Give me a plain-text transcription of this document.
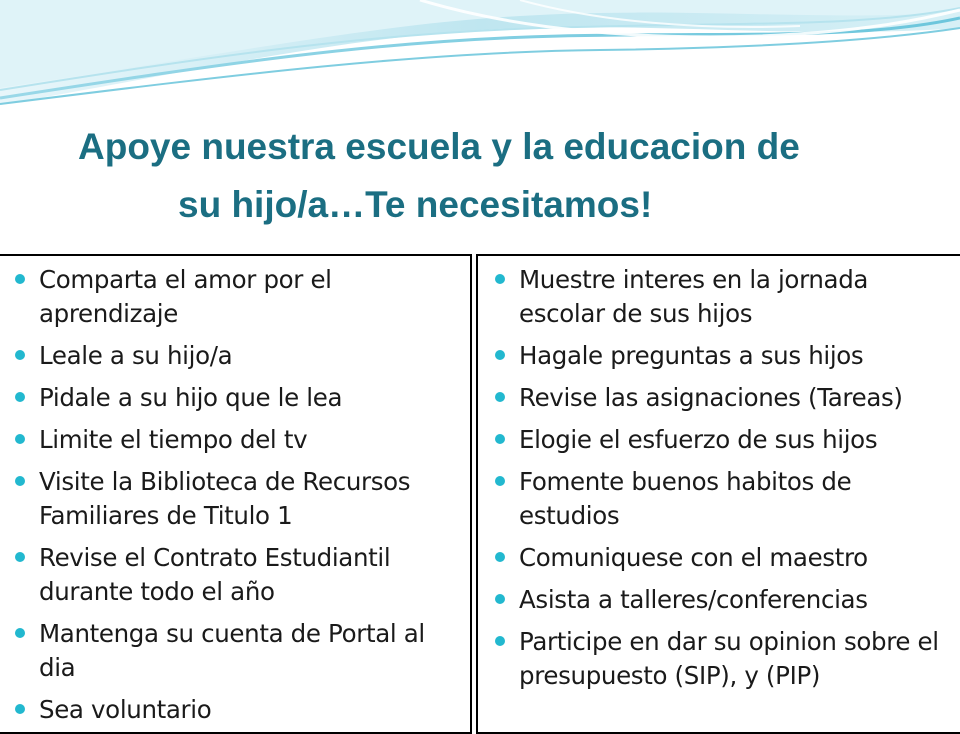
Apoye nuestra escuela y la educacion de
su hijo/a…Te necesitamos!
Comparta el amor por el aprendizaje
Leale a su hijo/a
Pidale a su hijo que le lea
Limite el tiempo del tv
Visite la Biblioteca de Recursos Familiares de Titulo 1
Revise el Contrato Estudiantil durante todo el año
Mantenga su cuenta de Portal al dia
Sea voluntario
Muestre interes en la jornada escolar de sus hijos
Hagale preguntas a sus hijos
Revise las asignaciones (Tareas)
Elogie el esfuerzo de sus hijos
Fomente buenos habitos de estudios
Comuniquese con el maestro
Asista a talleres/conferencias
Participe en dar su opinion sobre el presupuesto (SIP), y (PIP)
